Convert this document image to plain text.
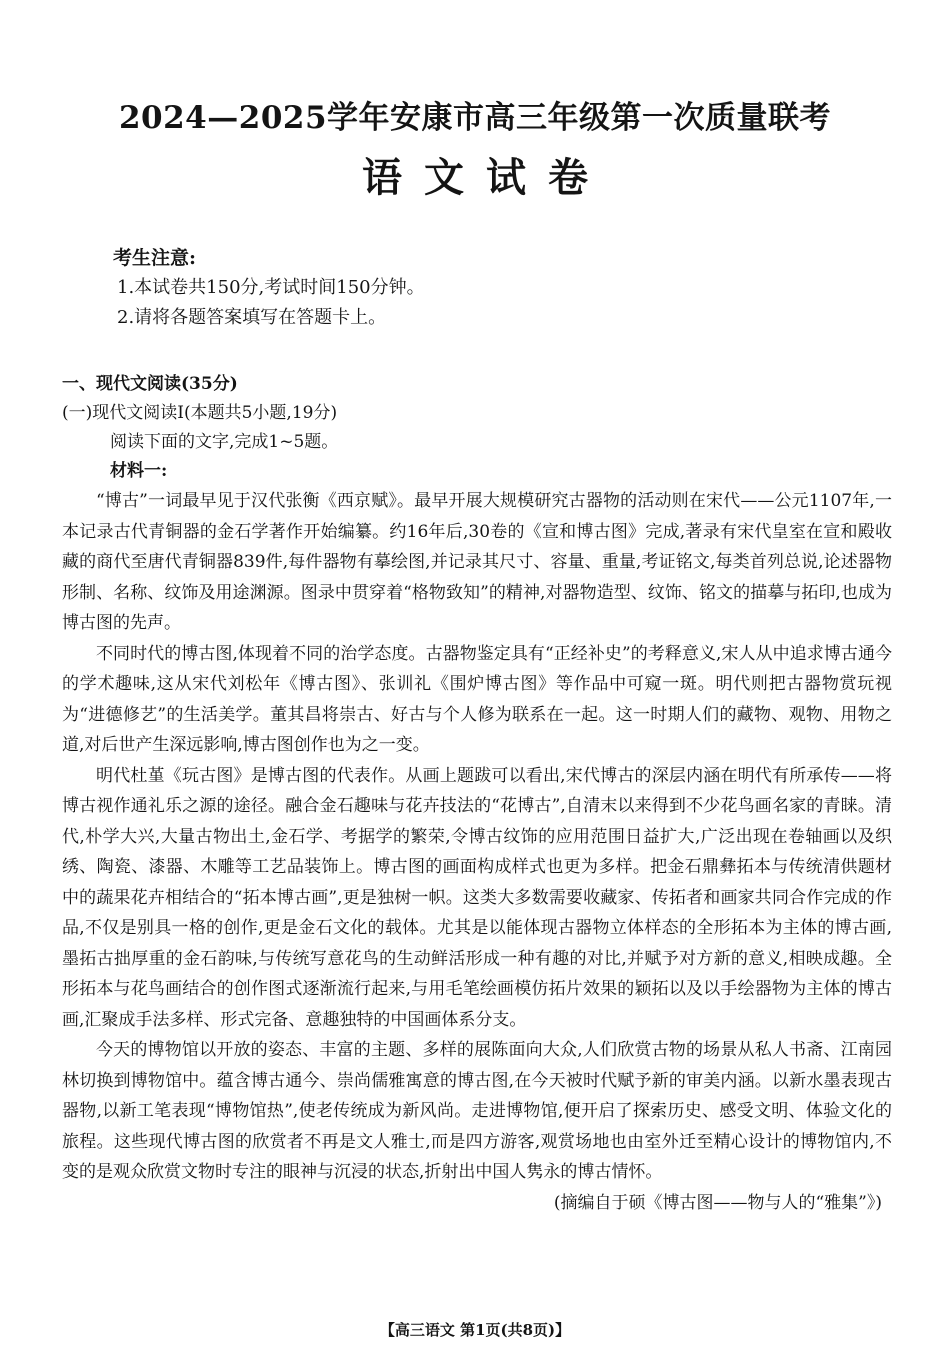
2024—2025学年安康市高三年级第一次质量联考
语文试卷
考生注意:
1.本试卷共150分,考试时间150分钟。
2.请将各题答案填写在答题卡上。
一、现代文阅读(35分)
(一)现代文阅读Ⅰ(本题共5小题,19分)
阅读下面的文字,完成1~5题。
材料一:

“博古”一词最早见于汉代张衡《西京赋》。最早开展大规模研究古器物的活动则在宋代——公元1107年,一本记录古代青铜器的金石学著作开始编纂。约16年后,30卷的《宣和博古图》完成,著录有宋代皇室在宣和殿收藏的商代至唐代青铜器839件,每件器物有摹绘图,并记录其尺寸、容量、重量,考证铭文,每类首列总说,论述器物形制、名称、纹饰及用途渊源。图录中贯穿着“格物致知”的精神,对器物造型、纹饰、铭文的描摹与拓印,也成为博古图的先声。

不同时代的博古图,体现着不同的治学态度。古器物鉴定具有“正经补史”的考释意义,宋人从中追求博古通今的学术趣味,这从宋代刘松年《博古图》、张训礼《围炉博古图》等作品中可窥一斑。明代则把古器物赏玩视为“进德修艺”的生活美学。董其昌将崇古、好古与个人修为联系在一起。这一时期人们的藏物、观物、用物之道,对后世产生深远影响,博古图创作也为之一变。

明代杜堇《玩古图》是博古图的代表作。从画上题跋可以看出,宋代博古的深层内涵在明代有所承传——将博古视作通礼乐之源的途径。融合金石趣味与花卉技法的“花博古”,自清末以来得到不少花鸟画名家的青睐。清代,朴学大兴,大量古物出土,金石学、考据学的繁荣,令博古纹饰的应用范围日益扩大,广泛出现在卷轴画以及织绣、陶瓷、漆器、木雕等工艺品装饰上。博古图的画面构成样式也更为多样。把金石鼎彝拓本与传统清供题材中的蔬果花卉相结合的“拓本博古画”,更是独树一帜。这类大多数需要收藏家、传拓者和画家共同合作完成的作品,不仅是别具一格的创作,更是金石文化的载体。尤其是以能体现古器物立体样态的全形拓本为主体的博古画,墨拓古拙厚重的金石韵味,与传统写意花鸟的生动鲜活形成一种有趣的对比,并赋予对方新的意义,相映成趣。全形拓本与花鸟画结合的创作图式逐渐流行起来,与用毛笔绘画模仿拓片效果的颖拓以及以手绘器物为主体的博古画,汇聚成手法多样、形式完备、意趣独特的中国画体系分支。

今天的博物馆以开放的姿态、丰富的主题、多样的展陈面向大众,人们欣赏古物的场景从私人书斋、江南园林切换到博物馆中。蕴含博古通今、崇尚儒雅寓意的博古图,在今天被时代赋予新的审美内涵。以新水墨表现古器物,以新工笔表现“博物馆热”,使老传统成为新风尚。走进博物馆,便开启了探索历史、感受文明、体验文化的旅程。这些现代博古图的欣赏者不再是文人雅士,而是四方游客,观赏场地也由室外迁至精心设计的博物馆内,不变的是观众欣赏文物时专注的眼神与沉浸的状态,折射出中国人隽永的博古情怀。

(摘编自于硕《博古图——物与人的“雅集”》)
【高三语文 第1页(共8页)】
